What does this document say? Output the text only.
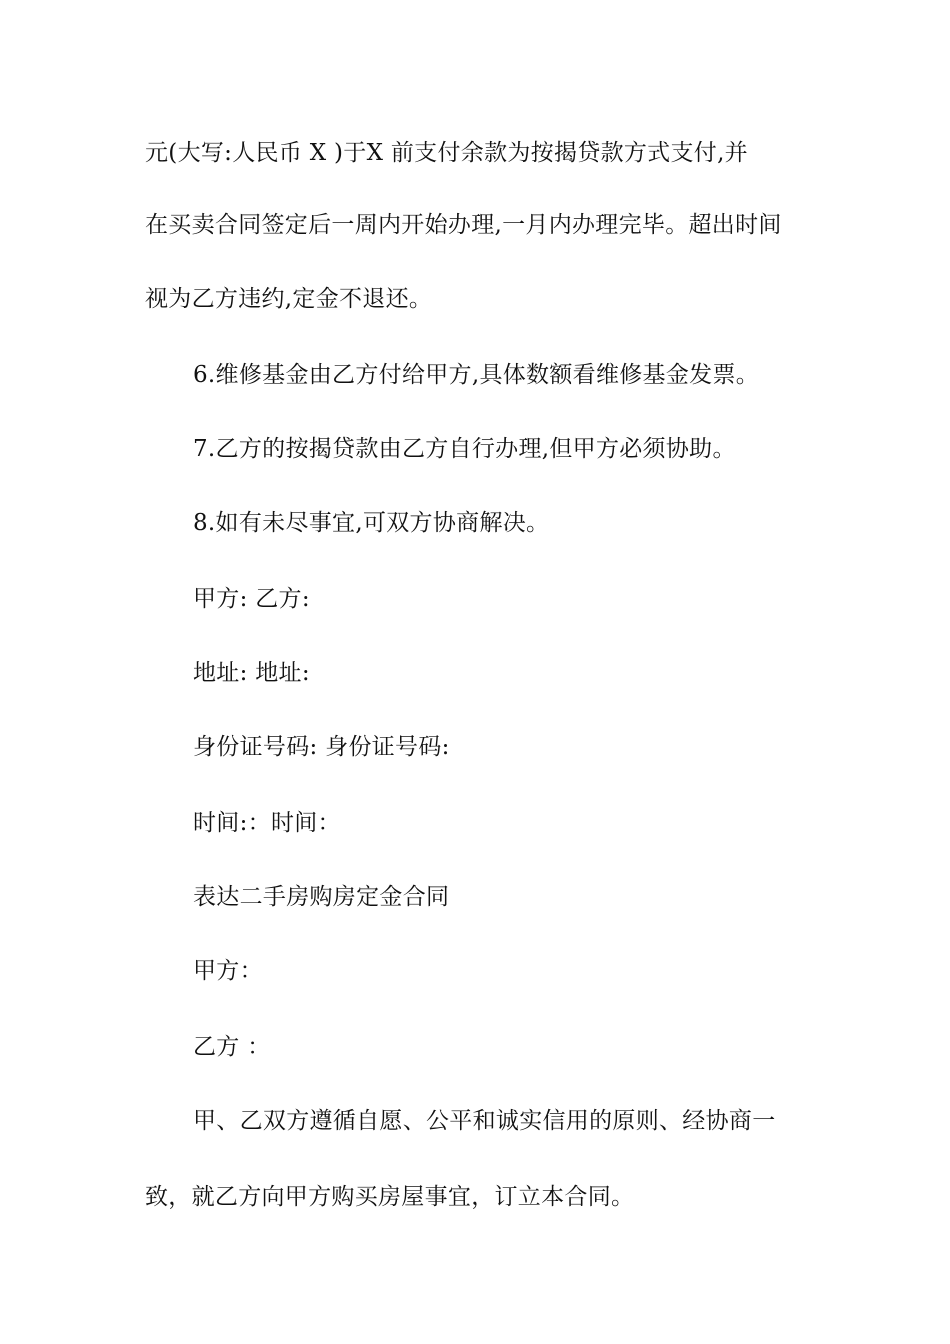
元(大写:人民币 X )于X 前支付余款为按揭贷款方式支付,并
在买卖合同签定后一周内开始办理,一月内办理完毕。超出时间
视为乙方违约,定金不退还。
6.维修基金由乙方付给甲方,具体数额看维修基金发票。
7.乙方的按揭贷款由乙方自行办理,但甲方必须协助。
8.如有未尽事宜,可双方协商解决。
甲方: 乙方:
地址: 地址:
身份证号码: 身份证号码:
时间:：时间：
表达二手房购房定金合同
甲方：
乙方 ：
甲、乙双方遵循自愿、公平和诚实信用的原则、经协商一
致，就乙方向甲方购买房屋事宜，订立本合同。
